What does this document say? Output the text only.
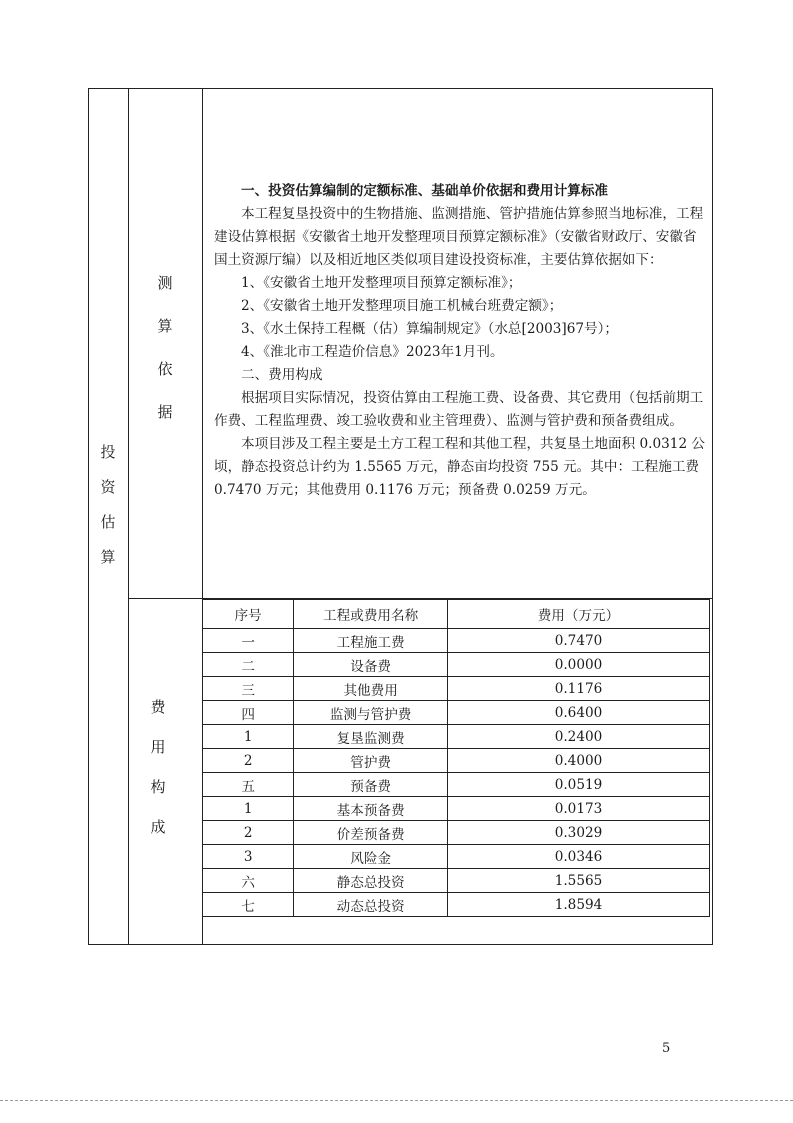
投
资
估
算
测
算
依
据

一、投资估算编制的定额标准、基础单价依据和费用计算标准

本工程复垦投资中的生物措施、监测措施、管护措施估算参照当地标准，工程建设估算根据《安徽省土地开发整理项目预算定额标准》（安徽省财政厅、安徽省国土资源厅编）以及相近地区类似项目建设投资标准，主要估算依据如下：

1、《安徽省土地开发整理项目预算定额标准》；

2、《安徽省土地开发整理项目施工机械台班费定额》；

3、《水土保持工程概（估）算编制规定》（水总[2003]67号）；

4、《淮北市工程造价信息》2023年1月刊。

二、费用构成

根据项目实际情况，投资估算由工程施工费、设备费、其它费用（包括前期工作费、工程监理费、竣工验收费和业主管理费）、监测与管护费和预备费组成。

本项目涉及工程主要是土方工程工程和其他工程，共复垦土地面积 0.0312 公顷，静态投资总计约为 1.5565 万元，静态亩均投资 755 元。其中：工程施工费 0.7470 万元；其他费用 0.1176 万元；预备费 0.0259 万元。

费
用
构
成
序号	工程或费用名称	费用（万元）
一	工程施工费	0.7470
二	设备费	0.0000
三	其他费用	0.1176
四	监测与管护费	0.6400
1	复垦监测费	0.2400
2	管护费	0.4000
五	预备费	0.0519
1	基本预备费	0.0173
2	价差预备费	0.3029
3	风险金	0.0346
六	静态总投资	1.5565
七	动态总投资	1.8594
5
